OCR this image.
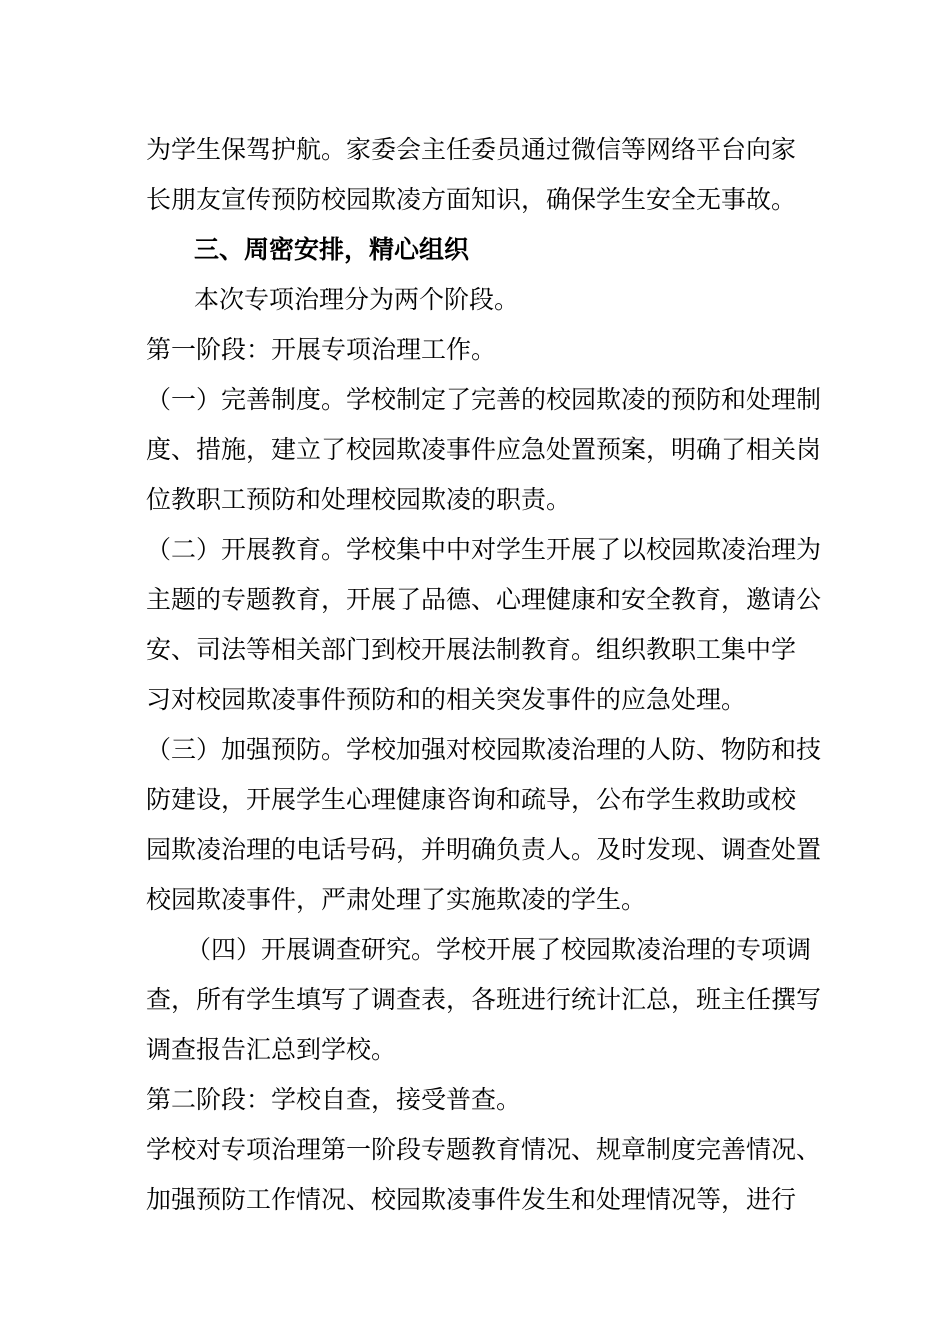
为学生保驾护航。家委会主任委员通过微信等网络平台向家
长朋友宣传预防校园欺凌方面知识，确保学生安全无事故。
三、周密安排，精心组织
本次专项治理分为两个阶段。
第一阶段：开展专项治理工作。
（一）完善制度。学校制定了完善的校园欺凌的预防和处理制
度、措施，建立了校园欺凌事件应急处置预案，明确了相关岗
位教职工预防和处理校园欺凌的职责。
（二）开展教育。学校集中中对学生开展了以校园欺凌治理为
主题的专题教育，开展了品德、心理健康和安全教育，邀请公
安、司法等相关部门到校开展法制教育。组织教职工集中学
习对校园欺凌事件预防和的相关突发事件的应急处理。
（三）加强预防。学校加强对校园欺凌治理的人防、物防和技
防建设，开展学生心理健康咨询和疏导，公布学生救助或校
园欺凌治理的电话号码，并明确负责人。及时发现、调查处置
校园欺凌事件，严肃处理了实施欺凌的学生。
（四）开展调查研究。学校开展了校园欺凌治理的专项调
查，所有学生填写了调查表，各班进行统计汇总，班主任撰写
调查报告汇总到学校。
第二阶段：学校自查，接受普查。
学校对专项治理第一阶段专题教育情况、规章制度完善情况、
加强预防工作情况、校园欺凌事件发生和处理情况等，进行
